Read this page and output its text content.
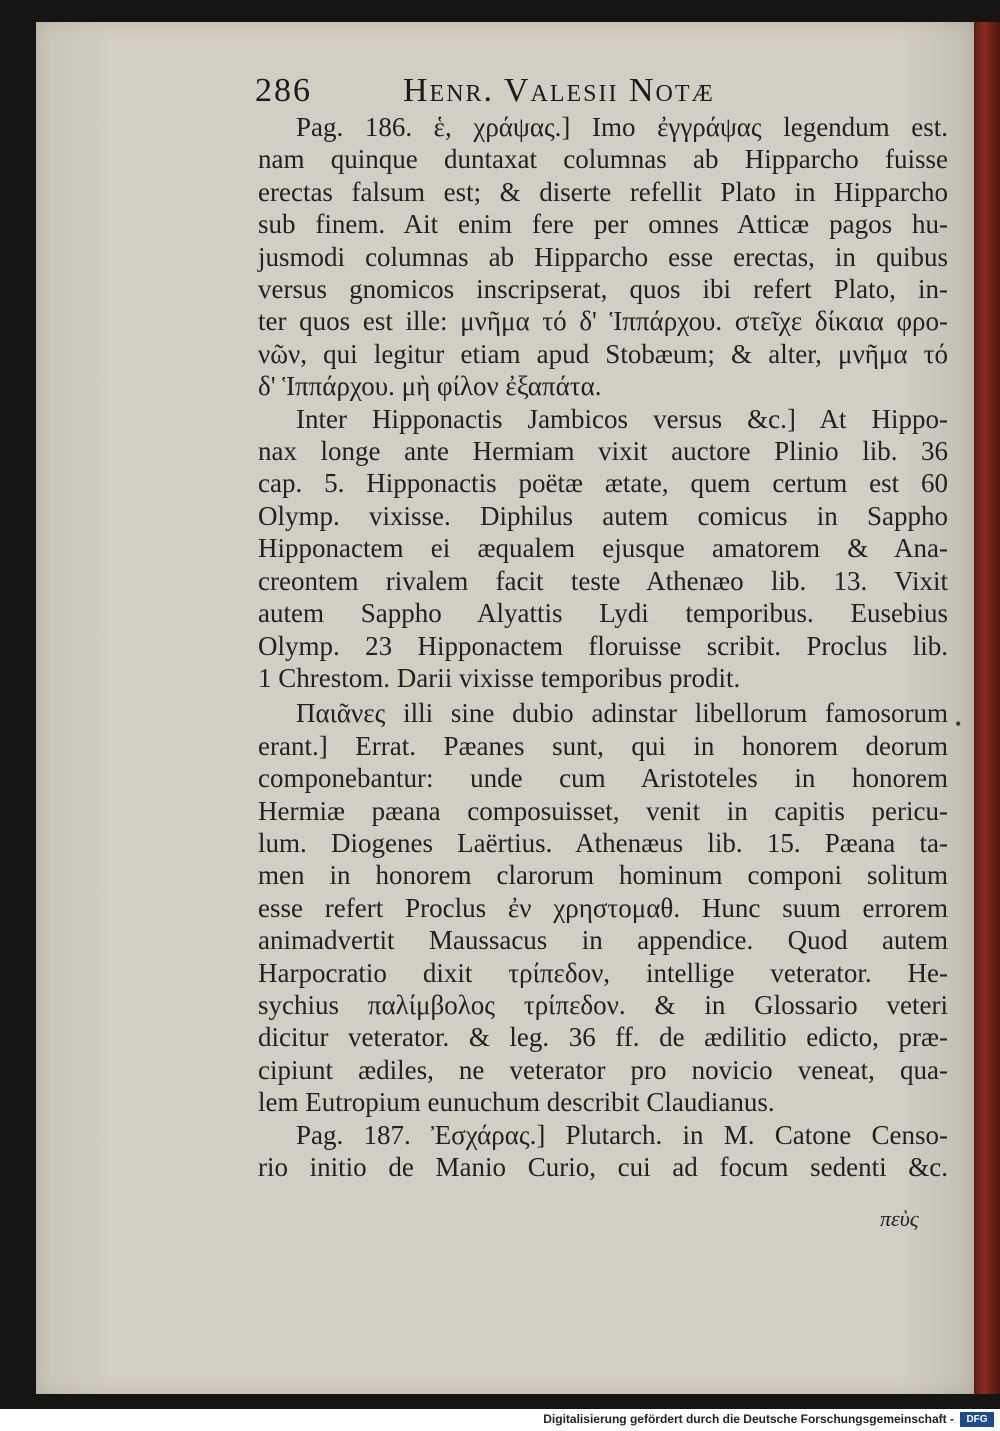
286	Henr. Valesii Notæ
Pag. 186. ἑ, χράψας.] Imo ἐγγράψας legendum est.
nam quinque duntaxat columnas ab Hipparcho fuisse
erectas falsum est; & diserte refellit Plato in Hipparcho
sub finem. Ait enim fere per omnes Atticæ pagos hu-
jusmodi columnas ab Hipparcho esse erectas, in quibus
versus gnomicos inscripserat, quos ibi refert Plato, in-
ter quos est ille: μνῆμα τό δ' Ἱππάρχου. στεῖχε δίκαια φρο-
νῶν, qui legitur etiam apud Stobæum; & alter, μνῆμα τό
δ' Ἱππάρχου. μὴ φίλον ἐξαπάτα.
Inter Hipponactis Jambicos versus &c.] At Hippo-
nax longe ante Hermiam vixit auctore Plinio lib. 36
cap. 5. Hipponactis poëtæ ætate, quem certum est 60
Olymp. vixisse. Diphilus autem comicus in Sappho
Hipponactem ei æqualem ejusque amatorem & Ana-
creontem rivalem facit teste Athenæo lib. 13. Vixit
autem Sappho Alyattis Lydi temporibus. Eusebius
Olymp. 23 Hipponactem floruisse scribit. Proclus lib.
1 Chrestom. Darii vixisse temporibus prodit.
Παιᾶνες illi sine dubio adinstar libellorum famosorum
erant.] Errat. Pæanes sunt, qui in honorem deorum
componebantur: unde cum Aristoteles in honorem
Hermiæ pæana composuisset, venit in capitis pericu-
lum. Diogenes Laërtius. Athenæus lib. 15. Pæana ta-
men in honorem clarorum hominum componi solitum
esse refert Proclus ἐν χρηστομαθ. Hunc suum errorem
animadvertit Maussacus in appendice. Quod autem
Harpocratio dixit τρίπεδον, intellige veterator. He-
sychius παλίμβολος τρίπεδον. & in Glossario veteri
dicitur veterator. & leg. 36 ff. de ædilitio edicto, præ-
cipiunt ædiles, ne veterator pro novicio veneat, qua-
lem Eutropium eunuchum describit Claudianus.
Pag. 187. Ἐσχάρας.] Plutarch. in M. Catone Censo-
rio initio de Manio Curio, cui ad focum sedenti &c.
•
πεὺς
Digitalisierung gefördert durch die Deutsche Forschungsgemeinschaft -	DFG
